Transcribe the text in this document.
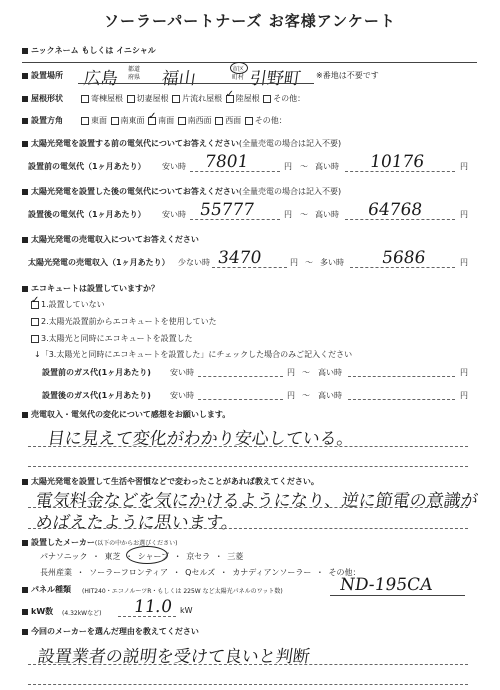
ソーラーパートナーズ お客様アンケート
ニックネーム もしくは イニシャル
設置場所 広島 都道
府県 福山	市区
町村 引野町 ※番地は不要です
屋根形状	寄棟屋根 切妻屋根 片流れ屋根 ✓ 陸屋根 その他：
設置方角	東面 南東面 ✓ 南面 南西面 西面 その他：
太陽光発電を設置する前の電気代についてお答えください(全量売電の場合は記入不要)
設置前の電気代（1ヶ月あたり） 安い時 7801	円 〜 高い時 10176	円
太陽光発電を設置した後の電気代についてお答えください(全量売電の場合は記入不要)
設置後の電気代（1ヶ月あたり） 安い時 55777	円 〜 高い時 64768	円
太陽光発電の売電収入についてお答えください
太陽光発電の売電収入（1ヶ月あたり） 少ない時 3470	円 〜 多い時 5686	円
エコキュートは設置していますか？
✓1.設置していない
2.太陽光設置前からエコキュートを使用していた
3.太陽光と同時にエコキュートを設置した
↓「3.太陽光と同時にエコキュートを設置した」にチェックした場合のみご記入ください
設置前のガス代(1ヶ月あたり) 安い時	円 〜 高い時	円
設置後のガス代(1ヶ月あたり) 安い時	円 〜 高い時	円
売電収入・電気代の変化について感想をお願いします。
目に見えて変化がわかり安心している。
太陽光発電を設置して生活や習慣などで変わったことがあれば教えてください。
電気料金などを気にかけるようになり、逆に節電の意識が
めばえたように思います。
設置したメーカー(以下の中からお選びください)
パナソニック ・ 東芝 ・ シャープ ・ 京セラ ・ 三菱
長州産業 ・ ソーラーフロンティア ・ Qセルズ ・ カナディアンソーラー ・ その他：
パネル種類 (HIT240・エコノルーツR・もしくは 225W など太陽光パネルのワット数)	ND-195CA
kW数 (4.32kWなど) 11.0 kW
今回のメーカーを選んだ理由を教えてください
設置業者の説明を受けて良いと判断
